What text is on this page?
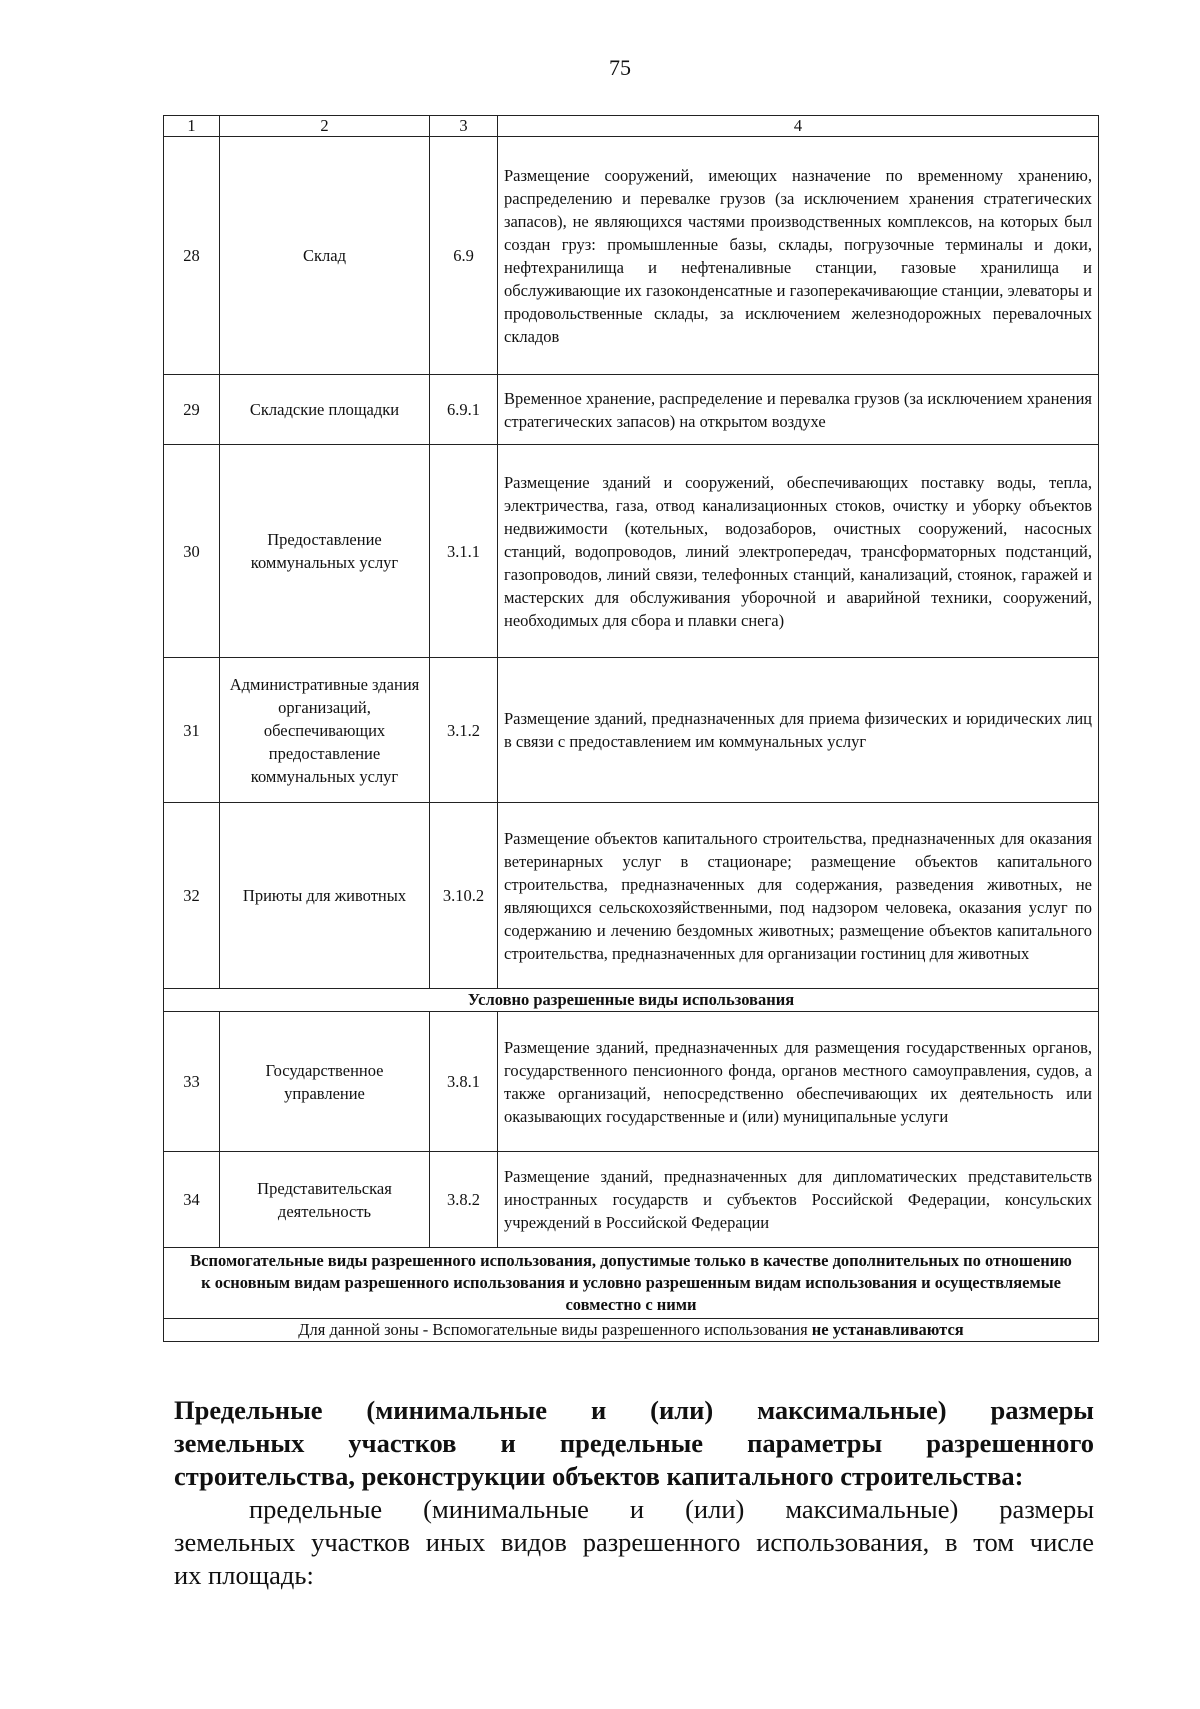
75
1	2	3	4
28	Склад	6.9	Размещение сооружений, имеющих назначение по временному хранению, распределению и перевалке грузов (за исключением хранения стратегических запасов), не являющихся частями производственных комплексов, на которых был создан груз: промышленные базы, склады, погрузочные терминалы и доки, нефтехранилища и нефтеналивные станции, газовые хранилища и обслуживающие их газоконденсатные и газоперекачивающие станции, элеваторы и продовольственные склады, за исключением железнодорожных перевалочных складов
29	Складские площадки	6.9.1	Временное хранение, распределение и перевалка грузов (за исключением хранения стратегических запасов) на открытом воздухе
30	Предоставление коммунальных услуг	3.1.1	Размещение зданий и сооружений, обеспечивающих поставку воды, тепла, электричества, газа, отвод канализационных стоков, очистку и уборку объектов недвижимости (котельных, водозаборов, очистных сооружений, насосных станций, водопроводов, линий электропередач, трансформаторных подстанций, газопроводов, линий связи, телефонных станций, канализаций, стоянок, гаражей и мастерских для обслуживания уборочной и аварийной техники, сооружений, необходимых для сбора и плавки снега)
31	Административные здания организаций, обеспечивающих предоставление коммунальных услуг	3.1.2	Размещение зданий, предназначенных для приема физических и юридических лиц в связи с предоставлением им коммунальных услуг
32	Приюты для животных	3.10.2	Размещение объектов капитального строительства, предназначенных для оказания ветеринарных услуг в стационаре; размещение объектов капитального строительства, предназначенных для содержания, разведения животных, не являющихся сельскохозяйственными, под надзором человека, оказания услуг по содержанию и лечению бездомных животных; размещение объектов капитального строительства, предназначенных для организации гостиниц для животных
Условно разрешенные виды использования			
33	Государственное управление	3.8.1	Размещение зданий, предназначенных для размещения государственных органов, государственного пенсионного фонда, органов местного самоуправления, судов, а также организаций, непосредственно обеспечивающих их деятельность или оказывающих государственные и (или) муниципальные услуги
34	Представительская деятельность	3.8.2	Размещение зданий, предназначенных для дипломатических представительств иностранных государств и субъектов Российской Федерации, консульских учреждений в Российской Федерации
Вспомогательные виды разрешенного использования, допустимые только в качестве дополнительных по отношению к основным видам разрешенного использования и условно разрешенным видам использования и осуществляемые совместно с ними			
Для данной зоны - Вспомогательные виды разрешенного использования не устанавливаются			
Предельные (минимальные и (или) максимальные) размеры
земельных участков и предельные параметры разрешенного
строительства, реконструкции объектов капитального строительства:
предельные (минимальные и (или) максимальные) размеры
земельных участков иных видов разрешенного использования, в том числе
их площадь:
